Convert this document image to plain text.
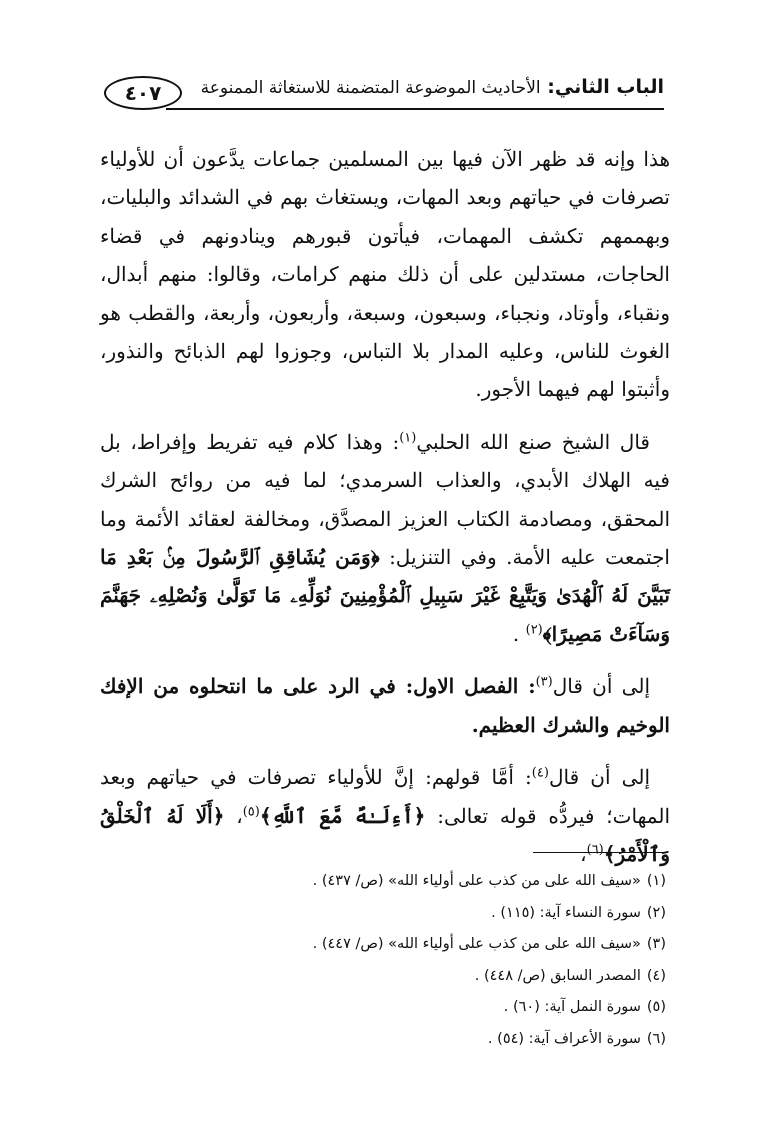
الباب الثاني: الأحاديث الموضوعة المتضمنة للاستغاثة الممنوعة
٤٠٧

هذا وإنه قد ظهر الآن فيها بين المسلمين جماعات يدَّعون أن للأولياء تصرفات في حياتهم وبعد المهات، ويستغاث بهم في الشدائد والبليات، وبهممهم تكشف المهمات، فيأتون قبورهم وينادونهم في قضاء الحاجات، مستدلين على أن ذلك منهم كرامات، وقالوا: منهم أبدال، ونقباء، وأوتاد، ونجباء، وسبعون، وسبعة، وأربعون، وأربعة، والقطب هو الغوث للناس، وعليه المدار بلا التباس، وجوزوا لهم الذبائح والنذور، وأثبتوا لهم فيهما الأجور.

قال الشيخ صنع الله الحلبي$^{(١)}$: وهذا كلام فيه تفريط وإفراط، بل فيه الهلاك الأبدي، والعذاب السرمدي؛ لما فيه من روائح الشرك المحقق، ومصادمة الكتاب العزيز المصدَّق، ومخالفة لعقائد الأئمة وما اجتمعت عليه الأمة. وفي التنزيل: ﴿وَمَن يُشَاقِقِ ٱلرَّسُولَ مِنۢ بَعْدِ مَا تَبَيَّنَ لَهُ ٱلْهُدَىٰ وَيَتَّبِعْ غَيْرَ سَبِيلِ ٱلْمُؤْمِنِينَ نُوَلِّهِۦ مَا تَوَلَّىٰ وَنُصْلِهِۦ جَهَنَّمَ وَسَآءَتْ مَصِيرًا﴾$^{(٢)}$ .

إلى أن قال$^{(٣)}$: الفصل الاول: في الرد على ما انتحلوه من الإفك الوخيم والشرك العظيم.

إلى أن قال$^{(٤)}$: أمَّا قولهم: إنَّ للأولياء تصرفات في حياتهم وبعد المهات؛ فيردُّه قوله تعالى: ﴿أَءِلَـٰهٌ مَّعَ ٱللَّهِ﴾$^{(٥)}$، ﴿أَلَا لَهُ ٱلْخَلْقُ وَٱلْأَمْرُ﴾$^{(٦)}$،

(١)«سيف الله على من كذب على أولياء الله» (ص/ ٤٣٧) .
(٢)سورة النساء آية: (١١٥) .
(٣)«سيف الله على من كذب على أولياء الله» (ص/ ٤٤٧) .
(٤)المصدر السابق (ص/ ٤٤٨) .
(٥)سورة النمل آية: (٦٠) .
(٦)سورة الأعراف آية: (٥٤) .
